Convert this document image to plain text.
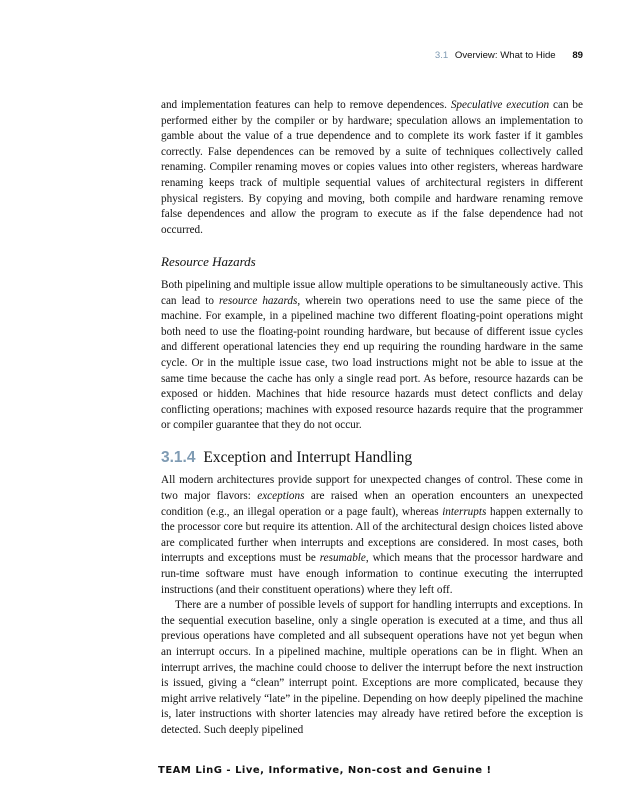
3.1 Overview: What to Hide 89

and implementation features can help to remove dependences. Speculative execution can be performed either by the compiler or by hardware; speculation allows an implementation to gamble about the value of a true dependence and to complete its work faster if it gambles correctly. False dependences can be removed by a suite of techniques collectively called renaming. Compiler renaming moves or copies values into other registers, whereas hardware renaming keeps track of multiple sequential values of architectural registers in different physical registers. By copying and moving, both compile and hardware renaming remove false dependences and allow the program to execute as if the false dependence had not occurred.

Resource Hazards

Both pipelining and multiple issue allow multiple operations to be simultaneously active. This can lead to resource hazards, wherein two operations need to use the same piece of the machine. For example, in a pipelined machine two different floating-point operations might both need to use the floating-point rounding hardware, but because of different issue cycles and different operational latencies they end up requiring the rounding hardware in the same cycle. Or in the multiple issue case, two load instructions might not be able to issue at the same time because the cache has only a single read port. As before, resource hazards can be exposed or hidden. Machines that hide resource hazards must detect conflicts and delay conflicting operations; machines with exposed resource hazards require that the programmer or compiler guarantee that they do not occur.

3.1.4 Exception and Interrupt Handling

All modern architectures provide support for unexpected changes of control. These come in two major flavors: exceptions are raised when an operation encounters an unexpected condition (e.g., an illegal operation or a page fault), whereas interrupts happen externally to the processor core but require its attention. All of the architectural design choices listed above are complicated further when interrupts and exceptions are considered. In most cases, both interrupts and exceptions must be resumable, which means that the processor hardware and run-time software must have enough information to continue executing the interrupted instructions (and their constituent operations) where they left off.

There are a number of possible levels of support for handling interrupts and exceptions. In the sequential execution baseline, only a single operation is executed at a time, and thus all previous operations have completed and all subsequent operations have not yet begun when an interrupt occurs. In a pipelined machine, multiple operations can be in flight. When an interrupt arrives, the machine could choose to deliver the interrupt before the next instruction is issued, giving a “clean” interrupt point. Exceptions are more complicated, because they might arrive relatively “late” in the pipeline. Depending on how deeply pipelined the machine is, later instructions with shorter latencies may already have retired before the exception is detected. Such deeply pipelined

TEAM LinG - Live, Informative, Non-cost and Genuine !
